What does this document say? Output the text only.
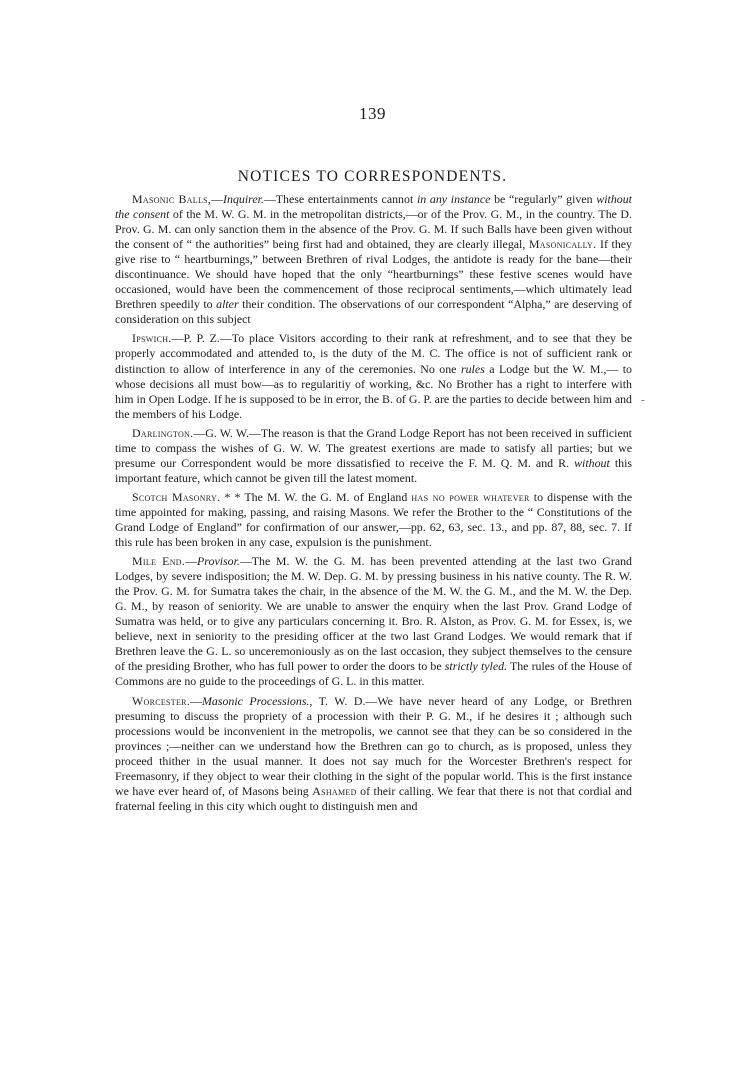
139
NOTICES TO CORRESPONDENTS.
-

Masonic Balls,—Inquirer.—These entertainments cannot in any instance be “regularly” given without the consent of the M. W. G. M. in the metropolitan districts,—or of the Prov. G. M., in the country. The D. Prov. G. M. can only sanction them in the absence of the Prov. G. M. If such Balls have been given without the consent of “ the authorities” being first had and obtained, they are clearly illegal, Masonically. If they give rise to “ heartburnings,” between Brethren of rival Lodges, the antidote is ready for the bane—their discontinuance. We should have hoped that the only “heartburnings” these festive scenes would have occasioned, would have been the commencement of those reciprocal sentiments,—which ultimately lead Brethren speedily to alter their condition. The observations of our correspondent “Alpha,” are deserving of consideration on this subject

Ipswich.—P. P. Z.—To place Visitors according to their rank at refreshment, and to see that they be properly accommodated and attended to, is the duty of the M. C. The office is not of sufficient rank or distinction to allow of interference in any of the ceremonies. No one rules a Lodge but the W. M.,— to whose decisions all must bow—as to regularitiy of working, &c. No Brother has a right to interfere with him in Open Lodge. If he is supposed to be in error, the B. of G. P. are the parties to decide between him and the members of his Lodge.

Darlington.—G. W. W.—The reason is that the Grand Lodge Report has not been received in sufficient time to compass the wishes of G. W. W. The greatest exertions are made to satisfy all parties; but we presume our Correspondent would be more dissatisfied to receive the F. M. Q. M. and R. without this important feature, which cannot be given till the latest moment.

Scotch Masonry. * * The M. W. the G. M. of England has no power whatever to dispense with the time appointed for making, passing, and raising Masons. We refer the Brother to the “ Constitutions of the Grand Lodge of England” for confirmation of our answer,—pp. 62, 63, sec. 13., and pp. 87, 88, sec. 7. If this rule has been broken in any case, expulsion is the punishment.

Mile End.—Provisor.—The M. W. the G. M. has been prevented attending at the last two Grand Lodges, by severe indisposition; the M. W. Dep. G. M. by pressing business in his native county. The R. W. the Prov. G. M. for Sumatra takes the chair, in the absence of the M. W. the G. M., and the M. W. the Dep. G. M., by reason of seniority. We are unable to answer the enquiry when the last Prov. Grand Lodge of Sumatra was held, or to give any particulars concerning it. Bro. R. Alston, as Prov. G. M. for Essex, is, we believe, next in seniority to the presiding officer at the two last Grand Lodges. We would remark that if Brethren leave the G. L. so unceremoniously as on the last occasion, they subject themselves to the censure of the presiding Brother, who has full power to order the doors to be strictly tyled. The rules of the House of Commons are no guide to the proceedings of G. L. in this matter.

Worcester.—Masonic Processions., T. W. D.—We have never heard of any Lodge, or Brethren presuming to discuss the propriety of a procession with their P. G. M., if he desires it ; although such processions would be inconvenient in the metropolis, we cannot see that they can be so considered in the provinces ;—neither can we understand how the Brethren can go to church, as is proposed, unless they proceed thither in the usual manner. It does not say much for the Worcester Brethren's respect for Freemasonry, if they object to wear their clothing in the sight of the popular world. This is the first instance we have ever heard of, of Masons being Ashamed of their calling. We fear that there is not that cordial and fraternal feeling in this city which ought to distinguish men and
